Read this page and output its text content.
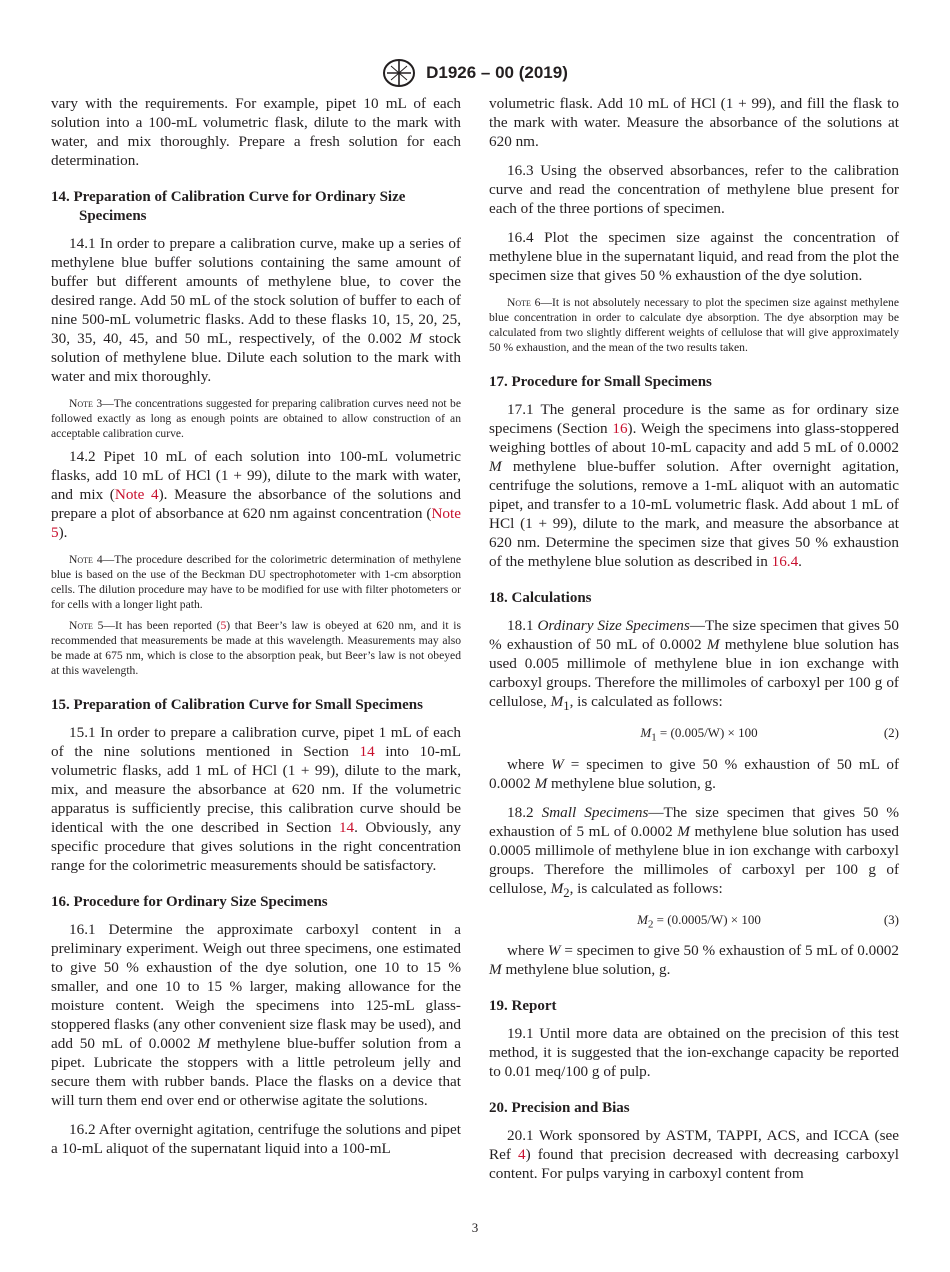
D1926 – 00 (2019)

vary with the requirements. For example, pipet 10 mL of each solution into a 100-mL volumetric flask, dilute to the mark with water, and mix thoroughly. Prepare a fresh solution for each determination.

14. Preparation of Calibration Curve for Ordinary Size Specimens

14.1 In order to prepare a calibration curve, make up a series of methylene blue buffer solutions containing the same amount of buffer but different amounts of methylene blue, to cover the desired range. Add 50 mL of the stock solution of buffer to each of nine 500-mL volumetric flasks. Add to these flasks 10, 15, 20, 25, 30, 35, 40, 45, and 50 mL, respectively, of the 0.002 M stock solution of methylene blue. Dilute each solution to the mark with water and mix thoroughly.

Note 3—The concentrations suggested for preparing calibration curves need not be followed exactly as long as enough points are obtained to allow construction of an acceptable calibration curve.

14.2 Pipet 10 mL of each solution into 100-mL volumetric flasks, add 10 mL of HCl (1 + 99), dilute to the mark with water, and mix (Note 4). Measure the absorbance of the solutions and prepare a plot of absorbance at 620 nm against concentration (Note 5).

Note 4—The procedure described for the colorimetric determination of methylene blue is based on the use of the Beckman DU spectrophotometer with 1-cm absorption cells. The dilution procedure may have to be modified for use with filter photometers or for cells with a longer light path.

Note 5—It has been reported (5) that Beer’s law is obeyed at 620 nm, and it is recommended that measurements be made at this wavelength. Measurements may also be made at 675 nm, which is close to the absorption peak, but Beer’s law is not obeyed at this wavelength.

15. Preparation of Calibration Curve for Small Specimens

15.1 In order to prepare a calibration curve, pipet 1 mL of each of the nine solutions mentioned in Section 14 into 10-mL volumetric flasks, add 1 mL of HCl (1 + 99), dilute to the mark, mix, and measure the absorbance at 620 nm. If the volumetric apparatus is sufficiently precise, this calibration curve should be identical with the one described in Section 14. Obviously, any specific procedure that gives solutions in the right concentration range for the colorimetric measurements should be satisfactory.

16. Procedure for Ordinary Size Specimens

16.1 Determine the approximate carboxyl content in a preliminary experiment. Weigh out three specimens, one estimated to give 50 % exhaustion of the dye solution, one 10 to 15 % smaller, and one 10 to 15 % larger, making allowance for the moisture content. Weigh the specimens into 125-mL glass-stoppered flasks (any other convenient size flask may be used), and add 50 mL of 0.0002 M methylene blue-buffer solution from a pipet. Lubricate the stoppers with a little petroleum jelly and secure them with rubber bands. Place the flasks on a device that will turn them end over end or otherwise agitate the solutions.

16.2 After overnight agitation, centrifuge the solutions and pipet a 10-mL aliquot of the supernatant liquid into a 100-mL

volumetric flask. Add 10 mL of HCl (1 + 99), and fill the flask to the mark with water. Measure the absorbance of the solutions at 620 nm.

16.3 Using the observed absorbances, refer to the calibration curve and read the concentration of methylene blue present for each of the three portions of specimen.

16.4 Plot the specimen size against the concentration of methylene blue in the supernatant liquid, and read from the plot the specimen size that gives 50 % exhaustion of the dye solution.

Note 6—It is not absolutely necessary to plot the specimen size against methylene blue concentration in order to calculate dye absorption. The dye absorption may be calculated from two slightly different weights of cellulose that will give approximately 50 % exhaustion, and the mean of the two results taken.

17. Procedure for Small Specimens

17.1 The general procedure is the same as for ordinary size specimens (Section 16). Weigh the specimens into glass-stoppered weighing bottles of about 10-mL capacity and add 5 mL of 0.0002 M methylene blue-buffer solution. After overnight agitation, centrifuge the solutions, remove a 1-mL aliquot with an automatic pipet, and transfer to a 10-mL volumetric flask. Add about 1 mL of HCl (1 + 99), dilute to the mark, and measure the absorbance at 620 nm. Determine the specimen size that gives 50 % exhaustion of the methylene blue solution as described in 16.4.

18. Calculations

18.1 Ordinary Size Specimens—The size specimen that gives 50 % exhaustion of 50 mL of 0.0002 M methylene blue solution has used 0.005 millimole of methylene blue in ion exchange with carboxyl groups. Therefore the millimoles of carboxyl per 100 g of cellulose, $M_1$, is calculated as follows:

$M_1 = (0.005/W) \times 100$	(2)

where W = specimen to give 50 % exhaustion of 50 mL of 0.0002 M methylene blue solution, g.

18.2 Small Specimens—The size specimen that gives 50 % exhaustion of 5 mL of 0.0002 M methylene blue solution has used 0.0005 millimole of methylene blue in ion exchange with carboxyl groups. Therefore the millimoles of carboxyl per 100 g of cellulose, $M_2$, is calculated as follows:

$M_2 = (0.0005/W) \times 100$	(3)

where W = specimen to give 50 % exhaustion of 5 mL of 0.0002 M methylene blue solution, g.

19. Report

19.1 Until more data are obtained on the precision of this test method, it is suggested that the ion-exchange capacity be reported to 0.01 meq/100 g of pulp.

20. Precision and Bias

20.1 Work sponsored by ASTM, TAPPI, ACS, and ICCA (see Ref 4) found that precision decreased with decreasing carboxyl content. For pulps varying in carboxyl content from

3
